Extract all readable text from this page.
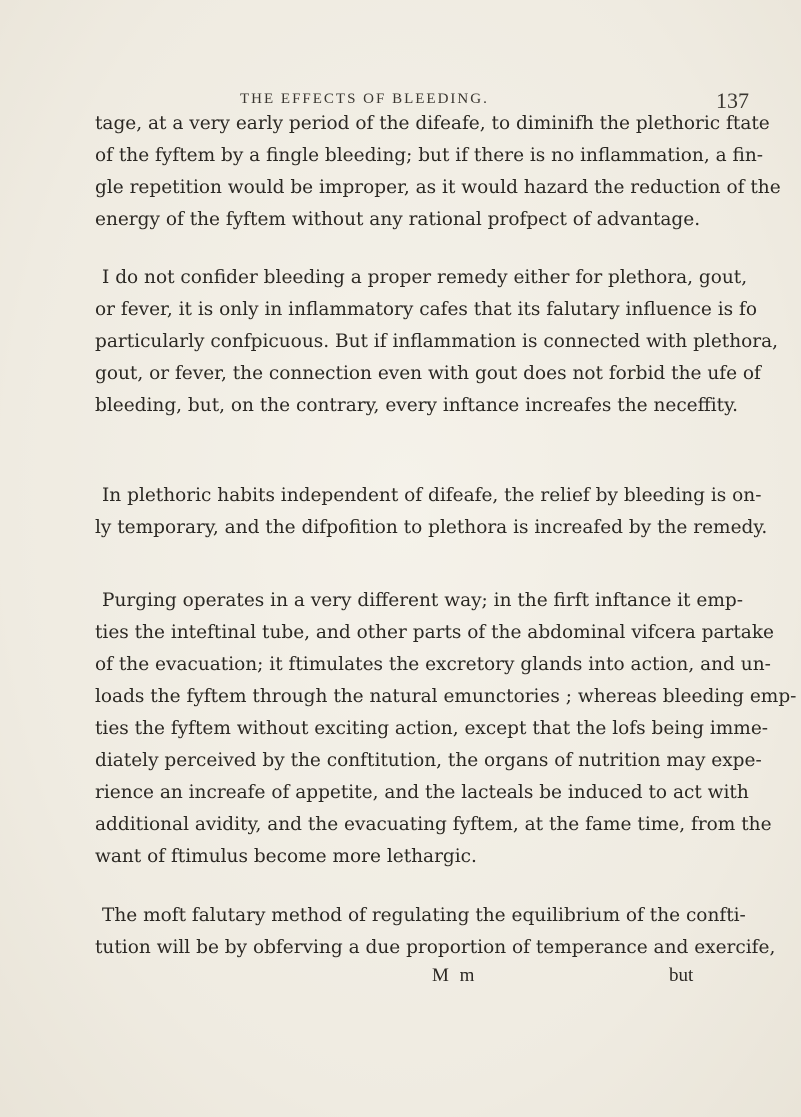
THE EFFECTS OF BLEEDING.	137

tage, at a very early period of the difeafe, to diminifh the plethoric ftate
of the fyftem by a fingle bleeding; but if there is no inflammation, a fin-
gle repetition would be improper, as it would hazard the reduction of the
energy of the fyftem without any rational profpect of advantage.

I do not confider bleeding a proper remedy either for plethora, gout,
or fever, it is only in inflammatory cafes that its falutary influence is fo
particularly confpicuous. But if inflammation is connected with plethora,
gout, or fever, the connection even with gout does not forbid the ufe of
bleeding, but, on the contrary, every inftance increafes the neceffity.

In plethoric habits independent of difeafe, the relief by bleeding is on-
ly temporary, and the difpofition to plethora is increafed by the remedy.

Purging operates in a very different way; in the firft inftance it emp-
ties the inteftinal tube, and other parts of the abdominal vifcera partake
of the evacuation; it ftimulates the excretory glands into action, and un-
loads the fyftem through the natural emunctories ; whereas bleeding emp-
ties the fyftem without exciting action, except that the lofs being imme-
diately perceived by the conftitution, the organs of nutrition may expe-
rience an increafe of appetite, and the lacteals be induced to act with
additional avidity, and the evacuating fyftem, at the fame time, from the
want of ftimulus become more lethargic.

The moft falutary method of regulating the equilibrium of the confti-
tution will be by obferving a due proportion of temperance and exercife,

M m	but
